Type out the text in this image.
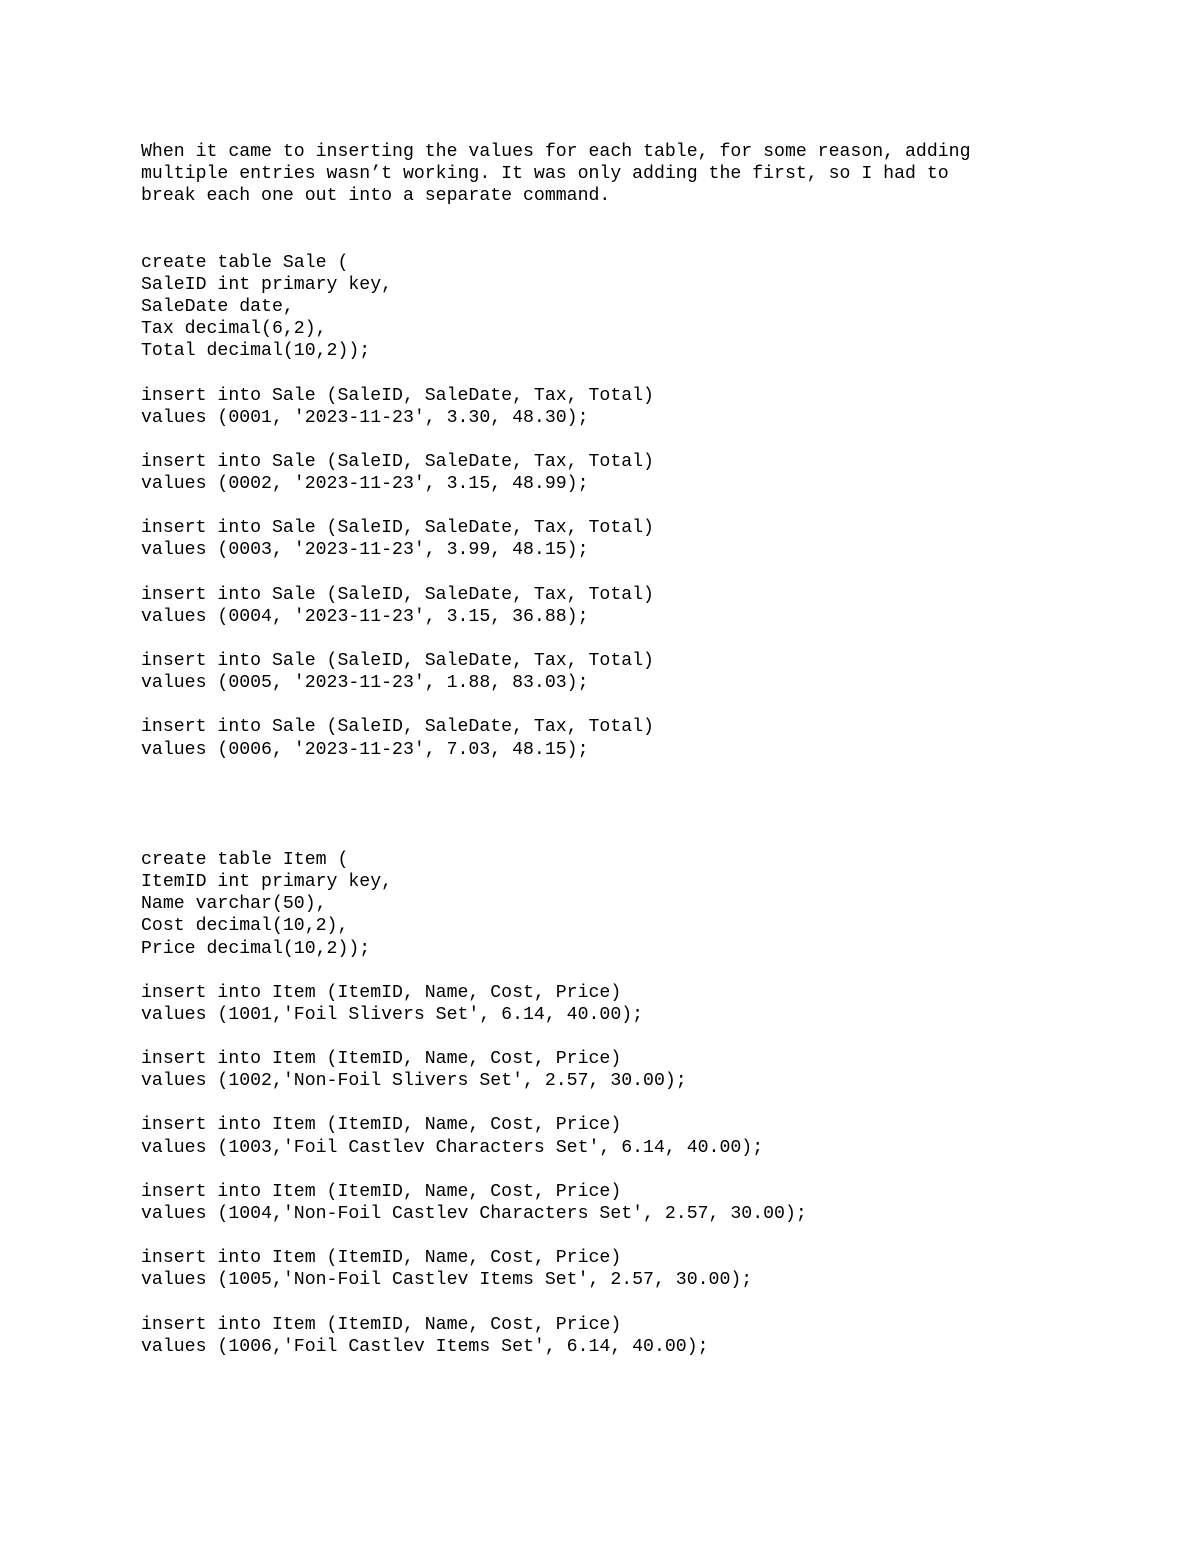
When it came to inserting the values for each table, for some reason, adding
multiple entries wasn’t working. It was only adding the first, so I had to
break each one out into a separate command.
create table Sale (
SaleID int primary key,
SaleDate date,
Tax decimal(6,2),
Total decimal(10,2));
insert into Sale (SaleID, SaleDate, Tax, Total)
values (0001, '2023-11-23', 3.30, 48.30);
insert into Sale (SaleID, SaleDate, Tax, Total)
values (0002, '2023-11-23', 3.15, 48.99);
insert into Sale (SaleID, SaleDate, Tax, Total)
values (0003, '2023-11-23', 3.99, 48.15);
insert into Sale (SaleID, SaleDate, Tax, Total)
values (0004, '2023-11-23', 3.15, 36.88);
insert into Sale (SaleID, SaleDate, Tax, Total)
values (0005, '2023-11-23', 1.88, 83.03);
insert into Sale (SaleID, SaleDate, Tax, Total)
values (0006, '2023-11-23', 7.03, 48.15);
create table Item (
ItemID int primary key,
Name varchar(50),
Cost decimal(10,2),
Price decimal(10,2));
insert into Item (ItemID, Name, Cost, Price)
values (1001,'Foil Slivers Set', 6.14, 40.00);
insert into Item (ItemID, Name, Cost, Price)
values (1002,'Non-Foil Slivers Set', 2.57, 30.00);
insert into Item (ItemID, Name, Cost, Price)
values (1003,'Foil Castlev Characters Set', 6.14, 40.00);
insert into Item (ItemID, Name, Cost, Price)
values (1004,'Non-Foil Castlev Characters Set', 2.57, 30.00);
insert into Item (ItemID, Name, Cost, Price)
values (1005,'Non-Foil Castlev Items Set', 2.57, 30.00);
insert into Item (ItemID, Name, Cost, Price)
values (1006,'Foil Castlev Items Set', 6.14, 40.00);
